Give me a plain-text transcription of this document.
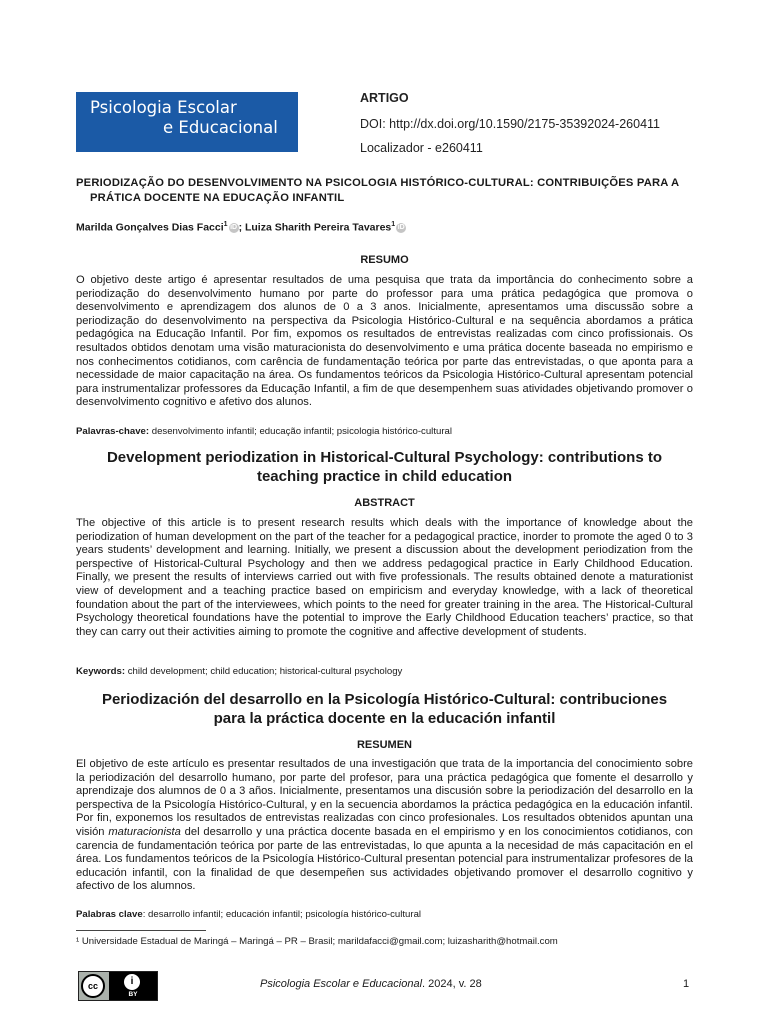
Psicologia Escolar
e Educacional
ARTIGO
DOI: http://dx.doi.org/10.1590/2175-35392024-260411
Localizador - e260411
PERIODIZAÇÃO DO DESENVOLVIMENTO NA PSICOLOGIA HISTÓRICO-CULTURAL: CONTRIBUIÇÕES PARA A
PRÁTICA DOCENTE NA EDUCAÇÃO INFANTIL
Marilda Gonçalves Dias Facci$^1$ iD ; Luiza Sharith Pereira Tavares$^1$ iD
RESUMO
O objetivo deste artigo é apresentar resultados de uma pesquisa que trata da importância do conhecimento sobre a periodização do desenvolvimento humano por parte do professor para uma prática pedagógica que promova o desenvolvimento e aprendizagem dos alunos de 0 a 3 anos. Inicialmente, apresentamos uma discussão sobre a periodização do desenvolvimento na perspectiva da Psicologia Histórico-Cultural e na sequência abordamos a prática pedagógica na Educação Infantil. Por fim, expomos os resultados de entrevistas realizadas com cinco profissionais. Os resultados obtidos denotam uma visão maturacionista do desenvolvimento e uma prática docente baseada no empirismo e nos conhecimentos cotidianos, com carência de fundamentação teórica por parte das entrevistadas, o que aponta para a necessidade de maior capacitação na área. Os fundamentos teóricos da Psicologia Histórico-Cultural apresentam potencial para instrumentalizar professores da Educação Infantil, a fim de que desempenhem suas atividades objetivando promover o desenvolvimento cognitivo e afetivo dos alunos.
Palavras-chave: desenvolvimento infantil; educação infantil; psicologia histórico-cultural
Development periodization in Historical-Cultural Psychology: contributions to
teaching practice in child education
ABSTRACT
The objective of this article is to present research results which deals with the importance of knowledge about the periodization of human development on the part of the teacher for a pedagogical practice, inorder to promote the aged 0 to 3 years students’ development and learning. Initially, we present a discussion about the development periodization from the perspective of Historical-Cultural Psychology and then we address pedagogical practice in Early Childhood Education. Finally, we present the results of interviews carried out with five professionals. The results obtained denote a maturationist view of development and a teaching practice based on empiricism and everyday knowledge, with a lack of theoretical foundation about the part of the interviewees, which points to the need for greater training in the area. The Historical-Cultural Psychology theoretical foundations have the potential to improve the Early Childhood Education teachers’ practice, so that they can carry out their activities aiming to promote the cognitive and affective development of students.
Keywords: child development; child education; historical-cultural psychology
Periodización del desarrollo en la Psicología Histórico-Cultural: contribuciones
para la práctica docente en la educación infantil
RESUMEN
El objetivo de este artículo es presentar resultados de una investigación que trata de la importancia del conocimiento sobre la periodización del desarrollo humano, por parte del profesor, para una práctica pedagógica que fomente el desarrollo y aprendizaje dos alumnos de 0 a 3 años. Inicialmente, presentamos una discusión sobre la periodización del desarrollo en la perspectiva de la Psicología Histórico-Cultural, y en la secuencia abordamos la práctica pedagógica en la educación infantil. Por fin, exponemos los resultados de entrevistas realizadas con cinco profesionales. Los resultados obtenidos apuntan una visión maturacionista del desarrollo y una práctica docente basada en el empirismo y en los conocimientos cotidianos, con carencia de fundamentación teórica por parte de las entrevistadas, lo que apunta a la necesidad de más capacitación en el área. Los fundamentos teóricos de la Psicología Histórico-Cultural presentan potencial para instrumentalizar profesores de la educación infantil, con la finalidad de que desempeñen sus actividades objetivando promover el desarrollo cognitivo y afectivo de los alumnos.
Palabras clave: desarrollo infantil; educación infantil; psicología histórico-cultural
¹ Universidade Estadual de Maringá – Maringá – PR – Brasil; marildafacci@gmail.com; luizasharith@hotmail.com
cc	i
BY
Psicologia Escolar e Educacional. 2024, v. 28	1
